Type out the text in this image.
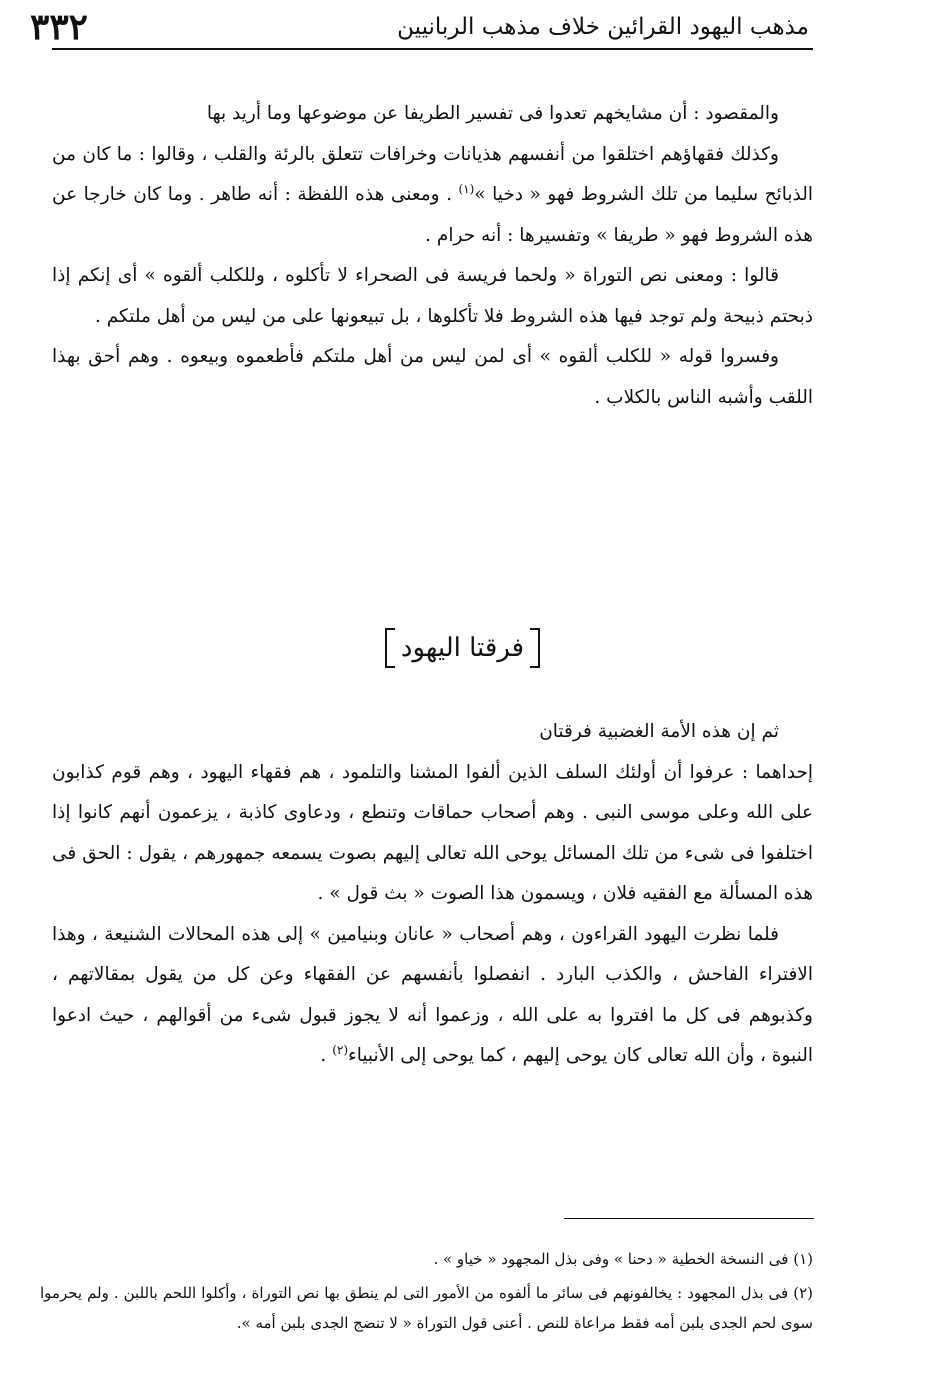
مذهب اليهود القرائين خلاف مذهب الربانيين
٣٣٢

والمقصود : أن مشايخهم تعدوا فى تفسير الطريفا عن موضوعها وما أريد بها

وكذلك فقهاؤهم اختلقوا من أنفسهم هذيانات وخرافات تتعلق بالرئة والقلب ، وقالوا : ما كان من الذبائح سليما من تلك الشروط فهو « دخيا »$^{(١)}$ . ومعنى هذه اللفظة : أنه طاهر . وما كان خارجا عن هذه الشروط فهو « طريفا » وتفسيرها : أنه حرام .

قالوا : ومعنى نص التوراة « ولحما فريسة فى الصحراء لا تأكلوه ، وللكلب ألقوه » أى إنكم إذا ذبحتم ذبيحة ولم توجد فيها هذه الشروط فلا تأكلوها ، بل تبيعونها على من ليس من أهل ملتكم .

وفسروا قوله « للكلب ألقوه » أى لمن ليس من أهل ملتكم فأطعموه وبيعوه . وهم أحق بهذا اللقب وأشبه الناس بالكلاب .

فرقتا اليهود

ثم إن هذه الأمة الغضبية فرقتان

إحداهما : عرفوا أن أولئك السلف الذين ألفوا المشنا والتلمود ، هم فقهاء اليهود ، وهم قوم كذابون على الله وعلى موسى النبى . وهم أصحاب حماقات وتنطع ، ودعاوى كاذبة ، يزعمون أنهم كانوا إذا اختلفوا فى شىء من تلك المسائل يوحى الله تعالى إليهم بصوت يسمعه جمهورهم ، يقول : الحق فى هذه المسألة مع الفقيه فلان ، ويسمون هذا الصوت « بث قول » .

فلما نظرت اليهود القراءون ، وهم أصحاب « عانان وبنيامين » إلى هذه المحالات الشنيعة ، وهذا الافتراء الفاحش ، والكذب البارد . انفصلوا بأنفسهم عن الفقهاء وعن كل من يقول بمقالاتهم ، وكذبوهم فى كل ما افتروا به على الله ، وزعموا أنه لا يجوز قبول شىء من أقوالهم ، حيث ادعوا النبوة ، وأن الله تعالى كان يوحى إليهم ، كما يوحى إلى الأنبياء$^{(٢)}$ .

(١) فى النسخة الخطية « دحنا » وفى بذل المجهود « خياو » .

(٢) فى بذل المجهود : يخالفونهم فى سائر ما ألفوه من الأمور التى لم ينطق بها نص التوراة ، وأكلوا اللحم باللبن . ولم يحرموا سوى لحم الجدى بلبن أمه فقط مراعاة للنص . أعنى قول التوراة « لا تنضج الجدى بلبن أمه ».
